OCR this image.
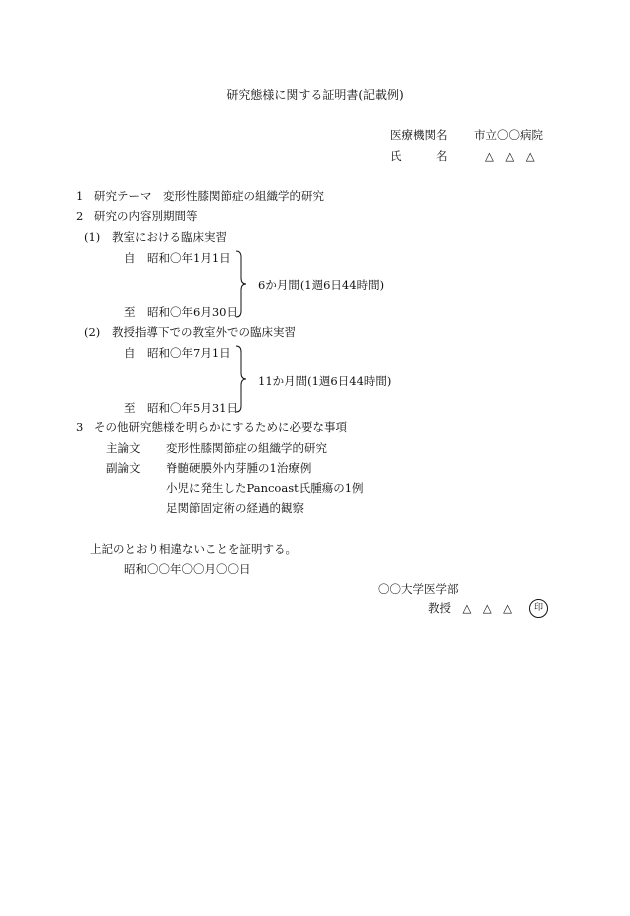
研究態様に関する証明書(記載例)
医療機関名 市立〇〇病院
氏　　　名	△　△　△
1 研究テーマ　変形性膝関節症の組織学的研究
2 研究の内容別期間等
(1) 教室における臨床実習
自　昭和〇年1月1日
至　昭和〇年6月30日
6か月間(1週6日44時間)
(2) 教授指導下での教室外での臨床実習
自　昭和〇年7月1日
至　昭和〇年5月31日
11か月間(1週6日44時間)
3 その他研究態様を明らかにするために必要な事項
主論文 変形性膝関節症の組織学的研究
副論文 脊髄硬膜外内芽腫の1治療例
小児に発生したPancoast氏腫瘍の1例
足関節固定術の経過的観察
上記のとおり相違ないことを証明する。
昭和〇〇年〇〇月〇〇日
〇〇大学医学部
教授　△　△　△	印
